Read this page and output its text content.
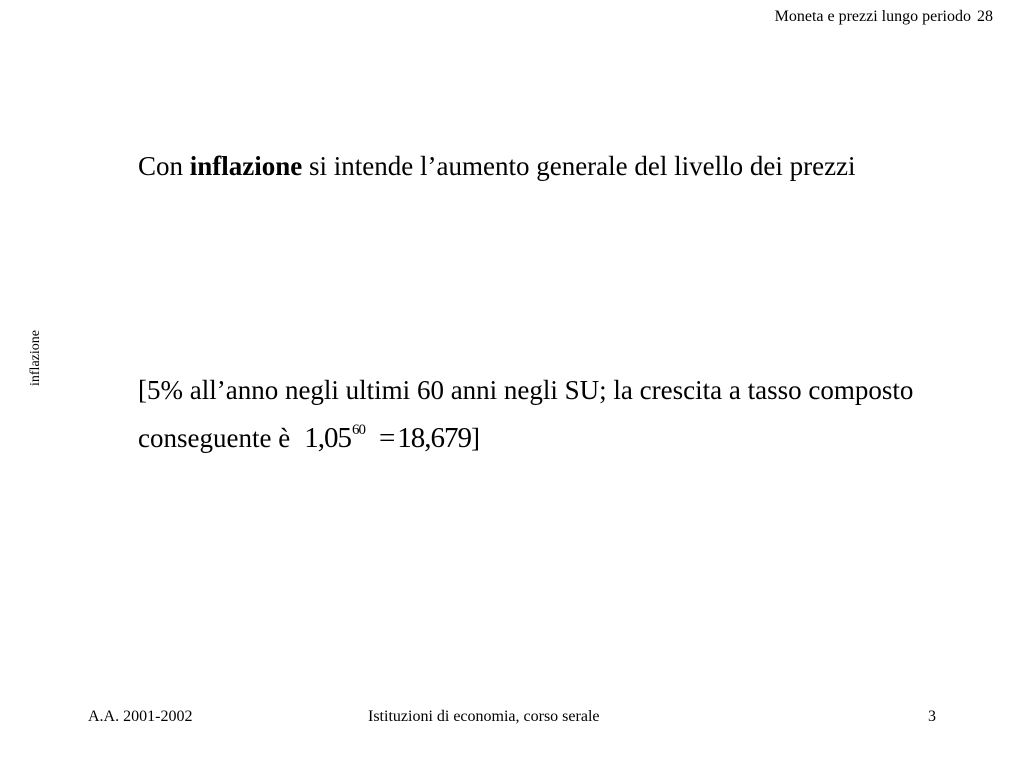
Moneta e prezzi lungo periodo 28
inflazione
Con inflazione si intende l’aumento generale del livello dei prezzi
[5% all’anno negli ultimi 60 anni negli SU; la crescita a tasso composto conseguente è $1,05^{60} = 18,679$]
A.A. 2001-2002	Istituzioni di economia, corso serale	3
